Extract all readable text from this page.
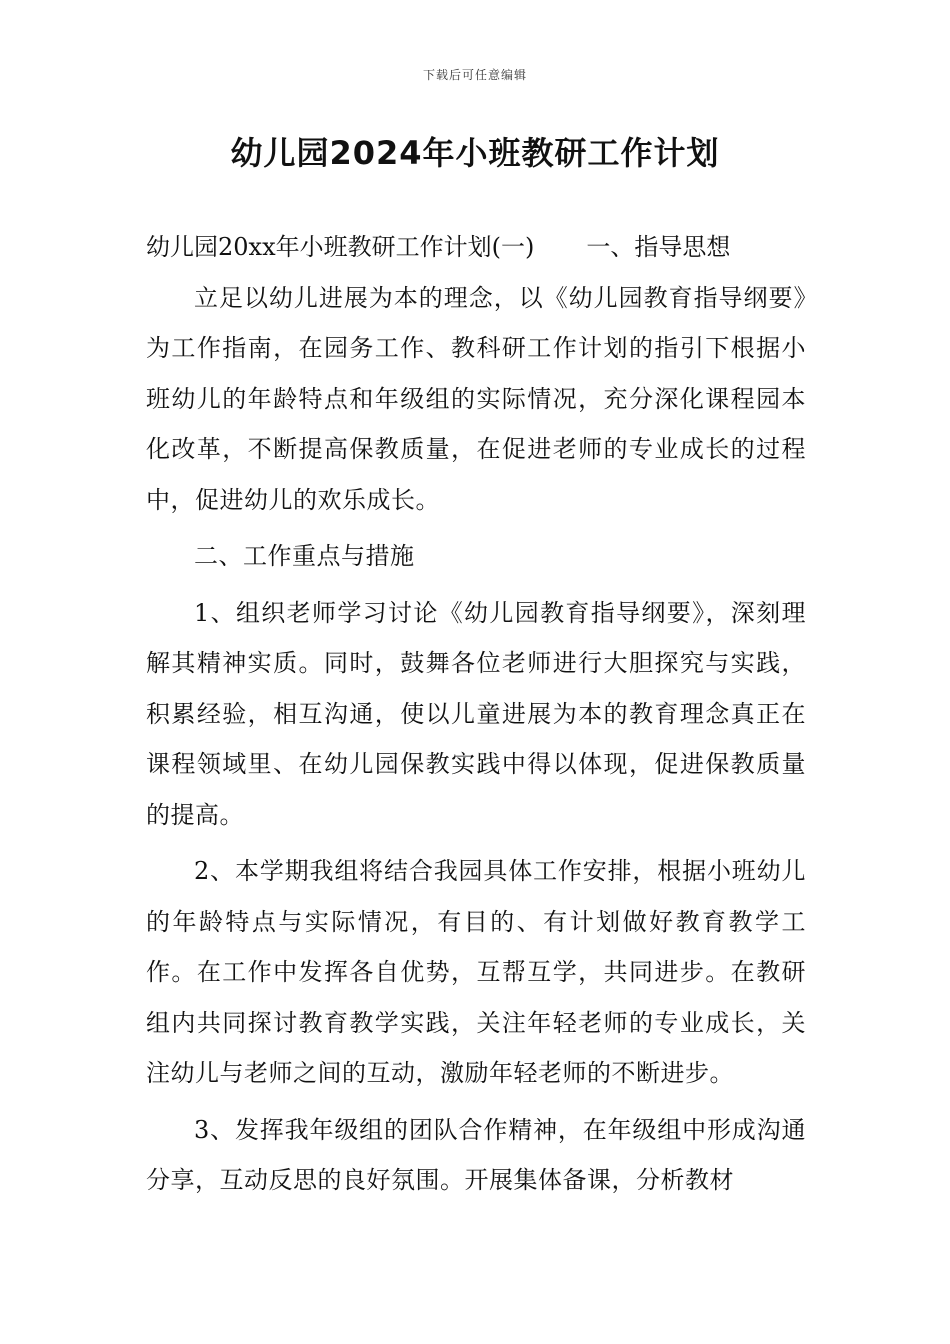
下载后可任意编辑
幼儿园2024年小班教研工作计划

幼儿园20xx年小班教研工作计划(一) 一、指导思想

立足以幼儿进展为本的理念，以《幼儿园教育指导纲要》为工作指南，在园务工作、教科研工作计划的指引下根据小班幼儿的年龄特点和年级组的实际情况，充分深化课程园本化改革，不断提高保教质量，在促进老师的专业成长的过程中，促进幼儿的欢乐成长。

二、工作重点与措施

1、组织老师学习讨论《幼儿园教育指导纲要》，深刻理解其精神实质。同时，鼓舞各位老师进行大胆探究与实践，积累经验，相互沟通，使以儿童进展为本的教育理念真正在课程领域里、在幼儿园保教实践中得以体现，促进保教质量的提高。

2、本学期我组将结合我园具体工作安排，根据小班幼儿的年龄特点与实际情况，有目的、有计划做好教育教学工作。在工作中发挥各自优势，互帮互学，共同进步。在教研组内共同探讨教育教学实践，关注年轻老师的专业成长，关注幼儿与老师之间的互动，激励年轻老师的不断进步。

3、发挥我年级组的团队合作精神，在年级组中形成沟通分享，互动反思的良好氛围。开展集体备课，分析教材
